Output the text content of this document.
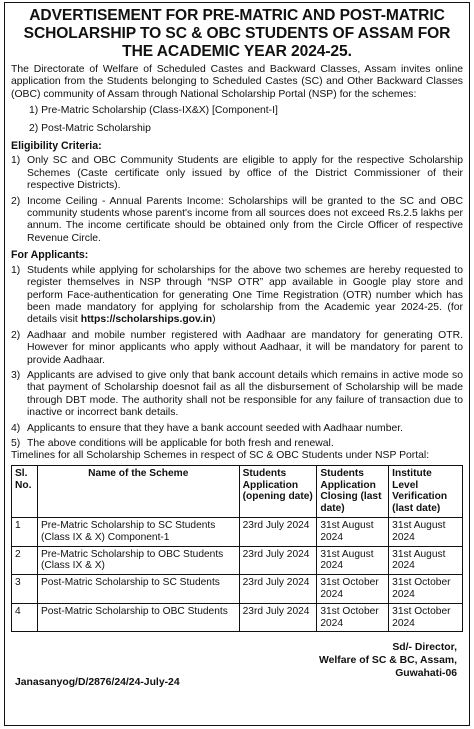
ADVERTISEMENT FOR PRE-MATRIC AND POST-MATRIC SCHOLARSHIP TO SC & OBC STUDENTS OF ASSAM FOR THE ACADEMIC YEAR 2024-25.

The Directorate of Welfare of Scheduled Castes and Backward Classes, Assam invites online application from the Students belonging to Scheduled Castes (SC) and Other Backward Classes (OBC) community of Assam through National Scholarship Portal (NSP) for the schemes:

1) Pre-Matric Scholarship (Class-IX&X) [Component-I]
2) Post-Matric Scholarship
Eligibility Criteria:
1) Only SC and OBC Community Students are eligible to apply for the respective Scholarship Schemes (Caste certificate only issued by office of the District Commissioner of their respective Districts).
2) Income Ceiling - Annual Parents Income: Scholarships will be granted to the SC and OBC community students whose parent's income from all sources does not exceed Rs.2.5 lakhs per annum. The income certificate should be obtained only from the Circle Officer of respective Revenue Circle.
For Applicants:
1) Students while applying for scholarships for the above two schemes are hereby requested to register themselves in NSP through “NSP OTR” app available in Google play store and perform Face-authentication for generating One Time Registration (OTR) number which has been made mandatory for applying for scholarship from the Academic year 2024-25. (for details visit https://scholarships.gov.in)
2) Aadhaar and mobile number registered with Aadhaar are mandatory for generating OTR. However for minor applicants who apply without Aadhaar, it will be mandatory for parent to provide Aadhaar.
3) Applicants are advised to give only that bank account details which remains in active mode so that payment of Scholarship doesnot fail as all the disbursement of Scholarship will be made through DBT mode. The authority shall not be responsible for any failure of transaction due to inactive or incorrect bank details.
4) Applicants to ensure that they have a bank account seeded with Aadhaar number.
5) The above conditions will be applicable for both fresh and renewal.

Timelines for all Scholarship Schemes in respect of SC & OBC Students under NSP Portal:

Sl. No.	Name of the Scheme	Students Application (opening date)	Students Application Closing (last date)	Institute Level Verification (last date)
1	Pre-Matric Scholarship to SC Students (Class IX & X) Component-1	23rd July 2024	31st August 2024	31st August 2024
2	Pre-Matric Scholarship to OBC Students (Class IX & X)	23rd July 2024	31st August 2024	31st August 2024
3	Post-Matric Scholarship to SC Students	23rd July 2024	31st October 2024	31st October 2024
4	Post-Matric Scholarship to OBC Students	23rd July 2024	31st October 2024	31st October 2024
Sd/- Director,
Welfare of SC & BC, Assam,
Guwahati-06
Janasanyog/D/2876/24/24-July-24
